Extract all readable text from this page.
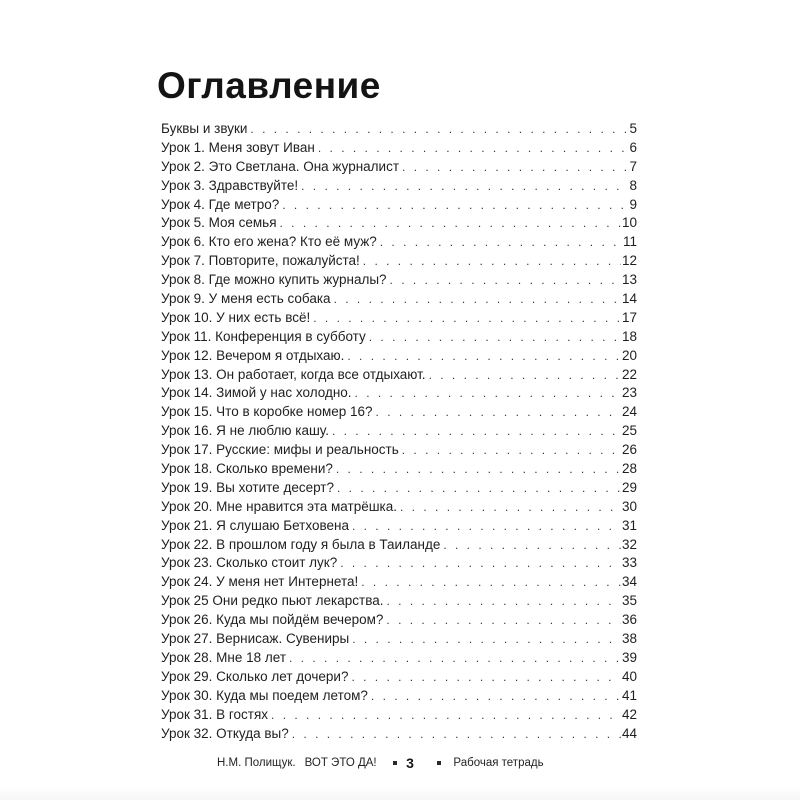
Оглавление
Буквы и звуки . . .	5
Урок 1. Меня зовут Иван . . .	6
Урок 2. Это Светлана. Она журналист . . .	7
Урок 3. Здравствуйте! . . .	8
Урок 4. Где метро? . . .	9
Урок 5. Моя семья . . .	10
Урок 6. Кто его жена? Кто её муж? . . .	11
Урок 7. Повторите, пожалуйста! . . .	12
Урок 8. Где можно купить журналы? . . .	13
Урок 9. У меня есть собака . . .	14
Урок 10. У них есть всё! . . .	17
Урок 11. Конференция в субботу . . .	18
Урок 12. Вечером я отдыхаю. . . .	20
Урок 13. Он работает, когда все отдыхают. . . .	22
Урок 14. Зимой у нас холодно. . . .	23
Урок 15. Что в коробке номер 16? . . .	24
Урок 16. Я не люблю кашу. . . .	25
Урок 17. Русские: мифы и реальность . . .	26
Урок 18. Сколько времени? . . .	28
Урок 19. Вы хотите десерт? . . .	29
Урок 20. Мне нравится эта матрёшка. . . .	30
Урок 21. Я слушаю Бетховена . . .	31
Урок 22. В прошлом году я была в Таиланде . . .	32
Урок 23. Сколько стоит лук? . . .	33
Урок 24. У меня нет Интернета! . . .	34
Урок 25 Они редко пьют лекарства. . . .	35
Урок 26. Куда мы пойдём вечером? . . .	36
Урок 27. Вернисаж. Сувениры . . .	38
Урок 28. Мне 18 лет . . .	39
Урок 29. Сколько лет дочери? . . .	40
Урок 30. Куда мы поедем летом? . . .	41
Урок 31. В гостях . . .	42
Урок 32. Откуда вы? . . .	44
Н.М. Полищук. ВОТ ЭТО ДА! 3	Рабочая тетрадь
